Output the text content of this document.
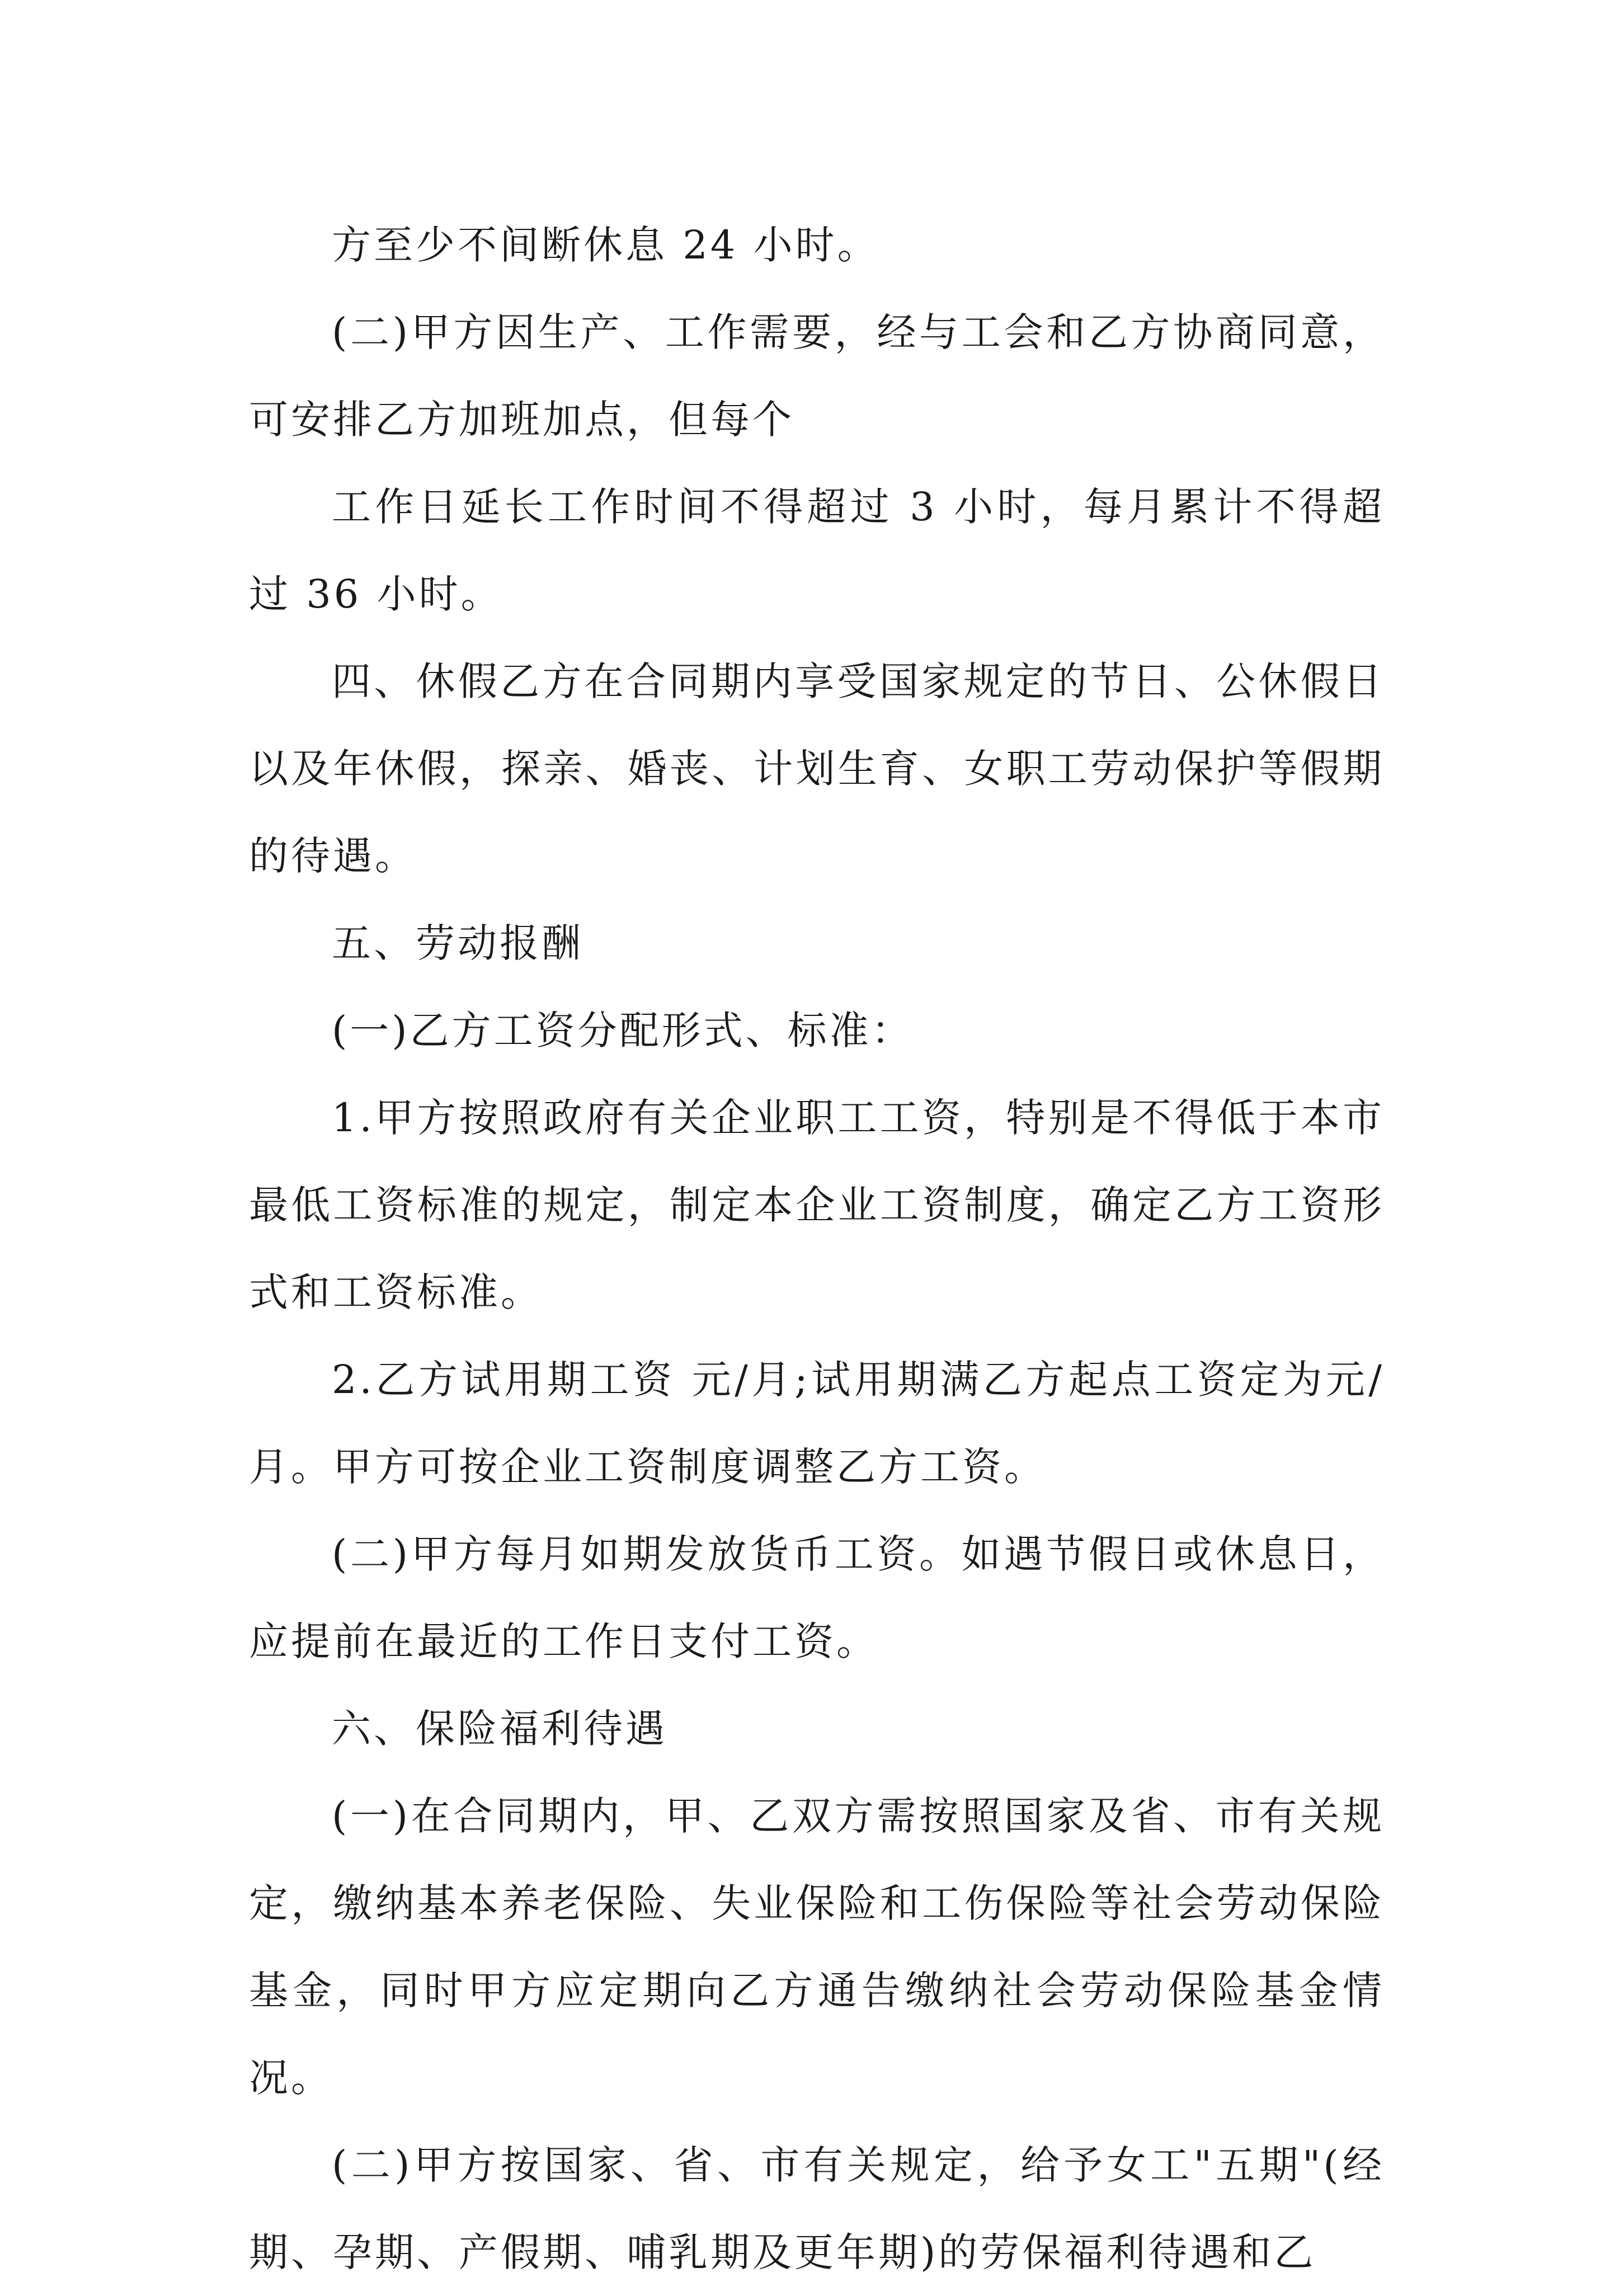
方至少不间断休息 24 小时。

(二)甲方因生产、工作需要，经与工会和乙方协商同意，可安排乙方加班加点，但每个

工作日延长工作时间不得超过 3 小时，每月累计不得超过 36 小时。

四、休假乙方在合同期内享受国家规定的节日、公休假日以及年休假，探亲、婚丧、计划生育、女职工劳动保护等假期的待遇。

五、劳动报酬

(一)乙方工资分配形式、标准：

1.甲方按照政府有关企业职工工资，特别是不得低于本市最低工资标准的规定，制定本企业工资制度，确定乙方工资形式和工资标准。

2.乙方试用期工资 元/月;试用期满乙方起点工资定为元/月。甲方可按企业工资制度调整乙方工资。

(二)甲方每月如期发放货币工资。如遇节假日或休息日，应提前在最近的工作日支付工资。

六、保险福利待遇

(一)在合同期内，甲、乙双方需按照国家及省、市有关规定，缴纳基本养老保险、失业保险和工伤保险等社会劳动保险基金，同时甲方应定期向乙方通告缴纳社会劳动保险基金情况。

(二)甲方按国家、省、市有关规定，给予女工"五期"(经期、孕期、产假期、哺乳期及更年期)的劳保福利待遇和乙
